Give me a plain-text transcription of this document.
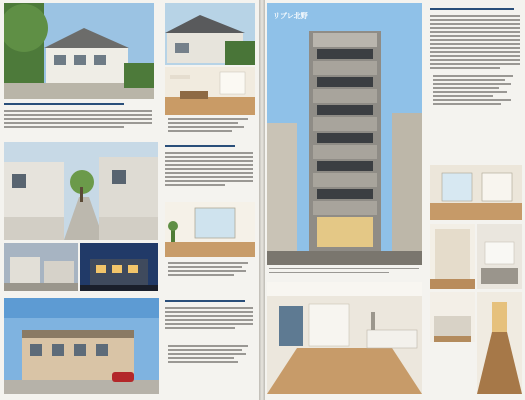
リブレ北野
